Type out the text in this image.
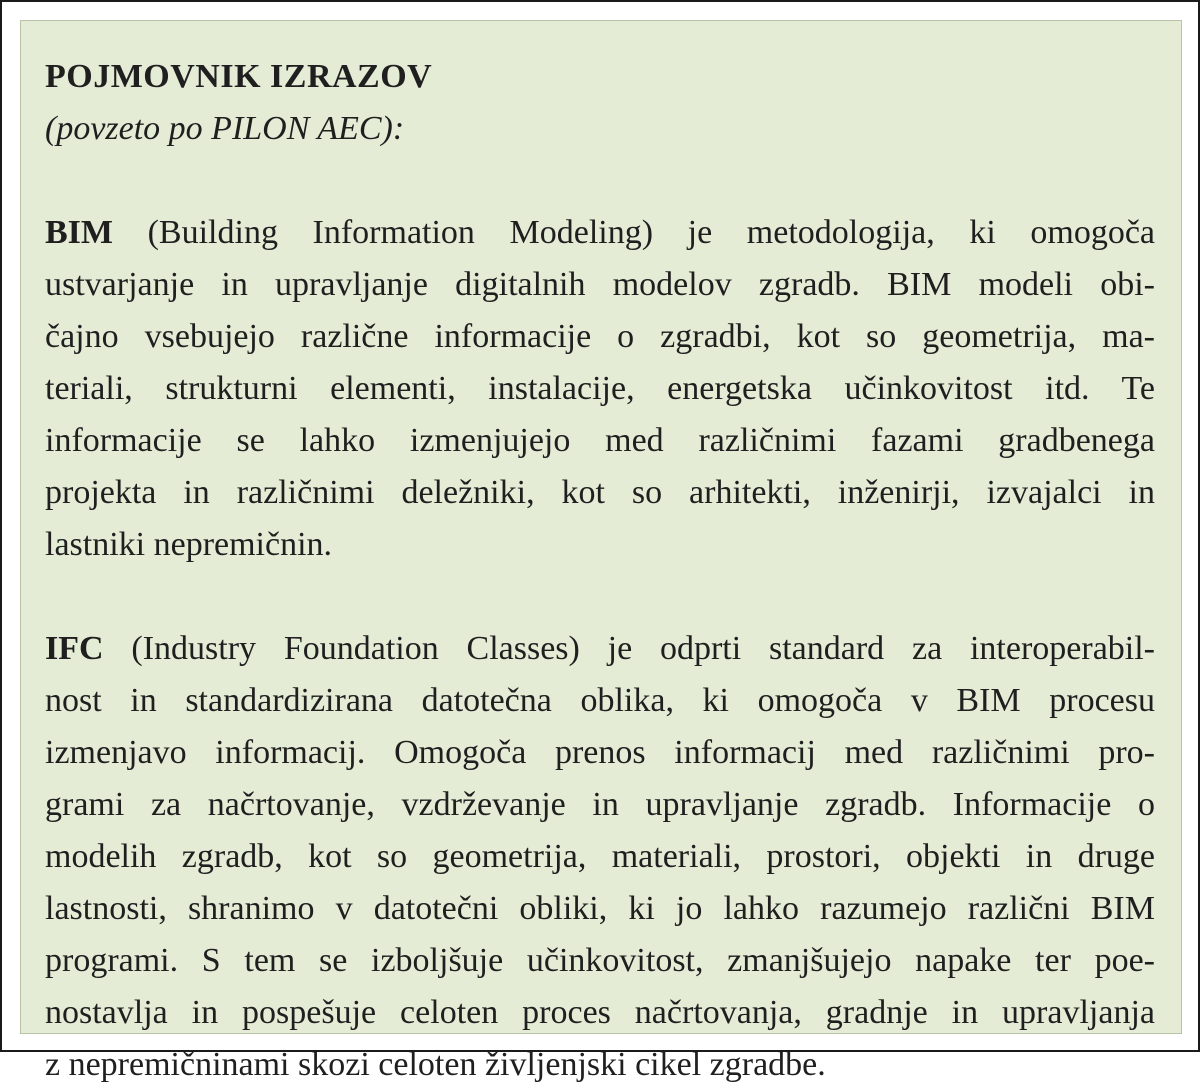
POJMOVNIK IZRAZOV
(povzeto po PILON AEC):
BIM (Building Information Modeling) je metodologija, ki omogoča
ustvarjanje in upravljanje digitalnih modelov zgradb. BIM modeli obi-
čajno vsebujejo različne informacije o zgradbi, kot so geometrija, ma-
teriali, strukturni elementi, instalacije, energetska učinkovitost itd. Te
informacije se lahko izmenjujejo med različnimi fazami gradbenega
projekta in različnimi deležniki, kot so arhitekti, inženirji, izvajalci in
lastniki nepremičnin.
IFC (Industry Foundation Classes) je odprti standard za interoperabil-
nost in standardizirana datotečna oblika, ki omogoča v BIM procesu
izmenjavo informacij. Omogoča prenos informacij med različnimi pro-
grami za načrtovanje, vzdrževanje in upravljanje zgradb. Informacije o
modelih zgradb, kot so geometrija, materiali, prostori, objekti in druge
lastnosti, shranimo v datotečni obliki, ki jo lahko razumejo različni BIM
programi. S tem se izboljšuje učinkovitost, zmanjšujejo napake ter poe-
nostavlja in pospešuje celoten proces načrtovanja, gradnje in upravljanja
z nepremičninami skozi celoten življenjski cikel zgradbe.
